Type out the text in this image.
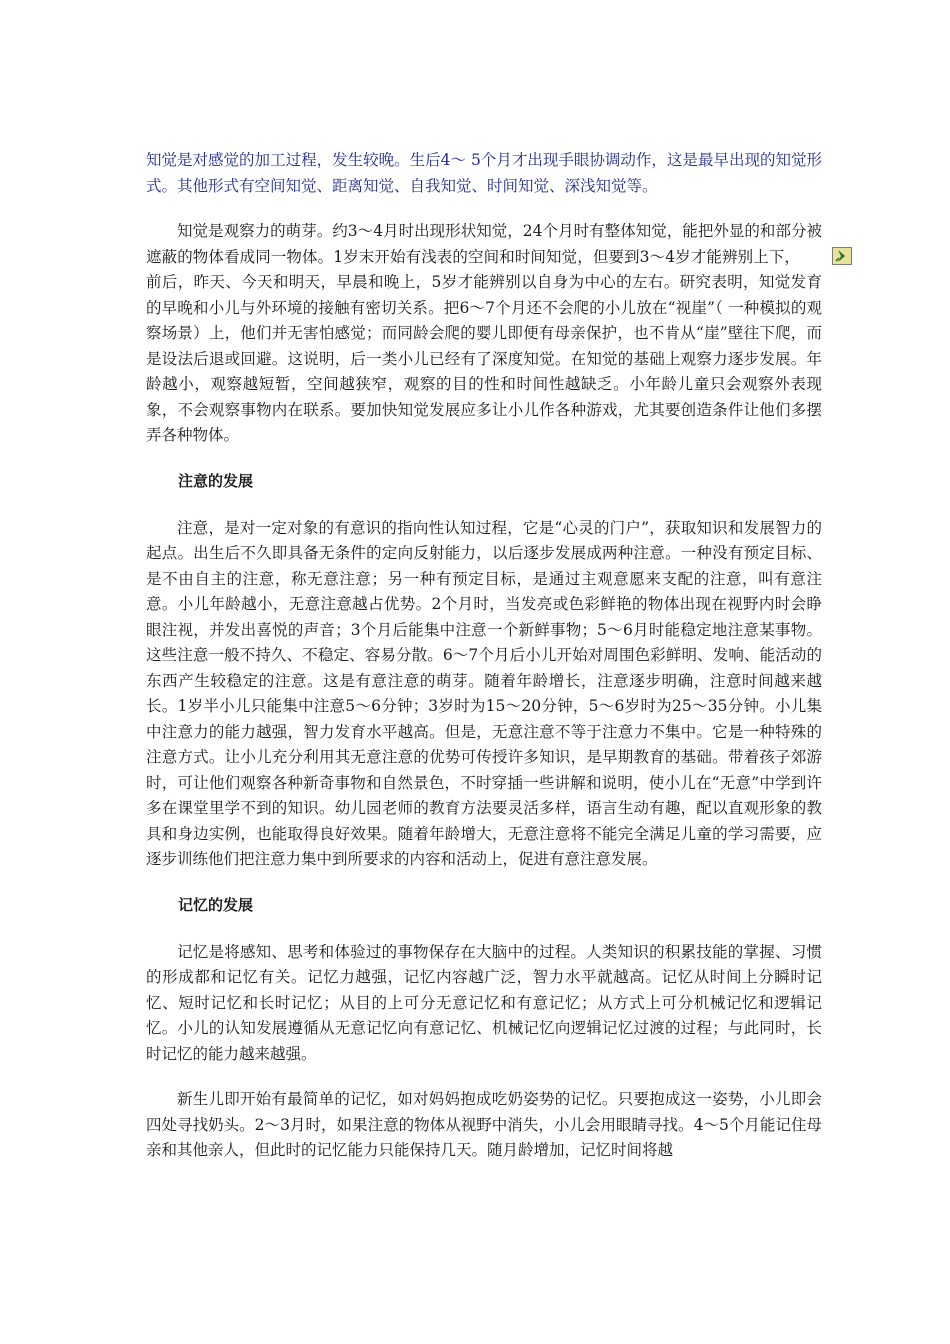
知觉是对感觉的加工过程，发生较晚。生后4～ 5个月才出现手眼协调动作，这是最早出现的知觉形式。其他形式有空间知觉、距离知觉、自我知觉、时间知觉、深浅知觉等。

知觉是观察力的萌芽。约3～4月时出现形状知觉，24个月时有整体知觉，能把外显的和部分被遮蔽的物体看成同一物体。1岁末开始有浅表的空间和时间知觉，但要到3～4岁才能辨别上下，前后，昨天、今天和明天，早晨和晚上，5岁才能辨别以自身为中心的左右。研究表明，知觉发育的早晚和小儿与外环境的接触有密切关系。把6～7个月还不会爬的小儿放在“视崖”（ 一种模拟的观察场景）上，他们并无害怕感觉；而同龄会爬的婴儿即便有母亲保护，也不肯从“崖”壁往下爬，而是设法后退或回避。这说明，后一类小儿已经有了深度知觉。在知觉的基础上观察力逐步发展。年龄越小，观察越短暂，空间越狭窄，观察的目的性和时间性越缺乏。小年龄儿童只会观察外表现象，不会观察事物内在联系。要加快知觉发展应多让小儿作各种游戏，尤其要创造条件让他们多摆弄各种物体。

注意的发展

注意，是对一定对象的有意识的指向性认知过程，它是“心灵的门户”，获取知识和发展智力的起点。出生后不久即具备无条件的定向反射能力，以后逐步发展成两种注意。一种没有预定目标、是不由自主的注意，称无意注意；另一种有预定目标，是通过主观意愿来支配的注意，叫有意注意。小儿年龄越小，无意注意越占优势。2个月时，当发亮或色彩鲜艳的物体出现在视野内时会睁眼注视，并发出喜悦的声音；3个月后能集中注意一个新鲜事物；5～6月时能稳定地注意某事物。这些注意一般不持久、不稳定、容易分散。6～7个月后小儿开始对周围色彩鲜明、发响、能活动的东西产生较稳定的注意。这是有意注意的萌芽。随着年龄增长，注意逐步明确，注意时间越来越长。1岁半小儿只能集中注意5～6分钟；3岁时为15～20分钟，5～6岁时为25～35分钟。小儿集中注意力的能力越强，智力发育水平越高。但是，无意注意不等于注意力不集中。它是一种特殊的注意方式。让小儿充分利用其无意注意的优势可传授许多知识，是早期教育的基础。带着孩子郊游时，可让他们观察各种新奇事物和自然景色，不时穿插一些讲解和说明，使小儿在“无意”中学到许多在课堂里学不到的知识。幼儿园老师的教育方法要灵活多样，语言生动有趣，配以直观形象的教具和身边实例，也能取得良好效果。随着年龄增大，无意注意将不能完全满足儿童的学习需要，应逐步训练他们把注意力集中到所要求的内容和活动上，促进有意注意发展。

记忆的发展

记忆是将感知、思考和体验过的事物保存在大脑中的过程。人类知识的积累技能的掌握、习惯的形成都和记忆有关。记忆力越强，记忆内容越广泛，智力水平就越高。记忆从时间上分瞬时记忆、短时记忆和长时记忆；从目的上可分无意记忆和有意记忆；从方式上可分机械记忆和逻辑记忆。小儿的认知发展遵循从无意记忆向有意记忆、机械记忆向逻辑记忆过渡的过程；与此同时，长时记忆的能力越来越强。

新生儿即开始有最简单的记忆，如对妈妈抱成吃奶姿势的记忆。只要抱成这一姿势，小儿即会四处寻找奶头。2～3月时，如果注意的物体从视野中消失，小儿会用眼睛寻找。4～5个月能记住母亲和其他亲人，但此时的记忆能力只能保持几天。随月龄增加，记忆时间将越
